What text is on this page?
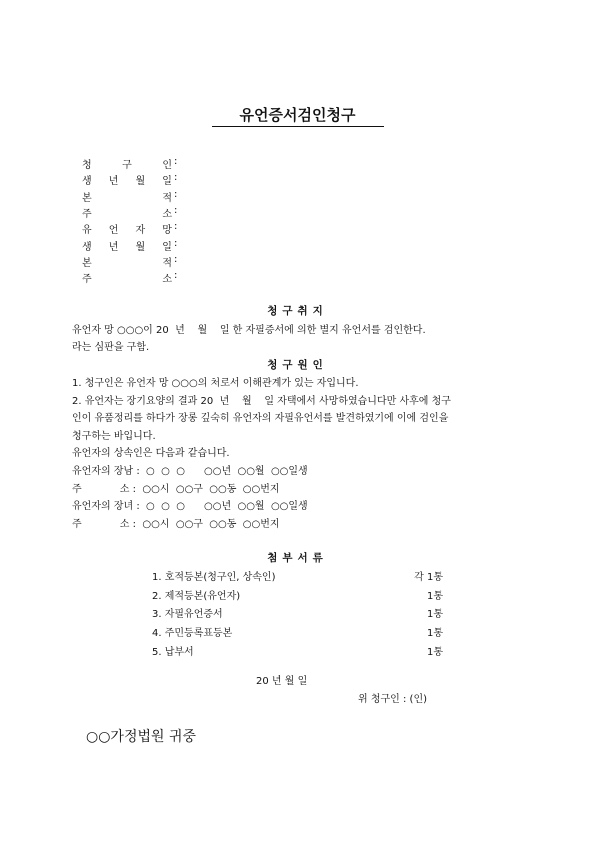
유언증서검인청구
청	구	인 :
생 년 월 일 :
본	적 :
주	소 :
유 언 자 망 :
생 년 월 일 :
본	적 :
주	소 :
청구취지
유언자 망 ○○○이 20  년    월    일 한 자필증서에 의한 별지 유언서를 검인한다.
라는 심판을 구함.
청구원인
1. 청구인은 유언자 망 ○○○의 처로서 이해관계가 있는 자입니다.
2. 유언자는 장기요양의 결과 20  년    월    일 자택에서 사망하였습니다만 사후에 청구
인이 유품정리를 하다가 장롱 깊숙히 유언자의 자필유언서를 발견하였기에 이에 검인을
청구하는 바입니다.
유언자의 상속인은 다음과 같습니다.
유언자의 장남 :  ○  ○  ○      ○○년  ○○월  ○○일생
주            소 :  ○○시  ○○구  ○○동  ○○번지
유언자의 장녀 :  ○  ○  ○      ○○년  ○○월  ○○일생
주            소 :  ○○시  ○○구  ○○동  ○○번지
첨부서류
1. 호적등본(청구인, 상속인)	각 1통
2. 제적등본(유언자)	1통
3. 자필유언증서	1통
4. 주민등록표등본	1통
5. 납부서	1통
20 년 월 일
위 청구인 : (인)
○○가정법원 귀중
